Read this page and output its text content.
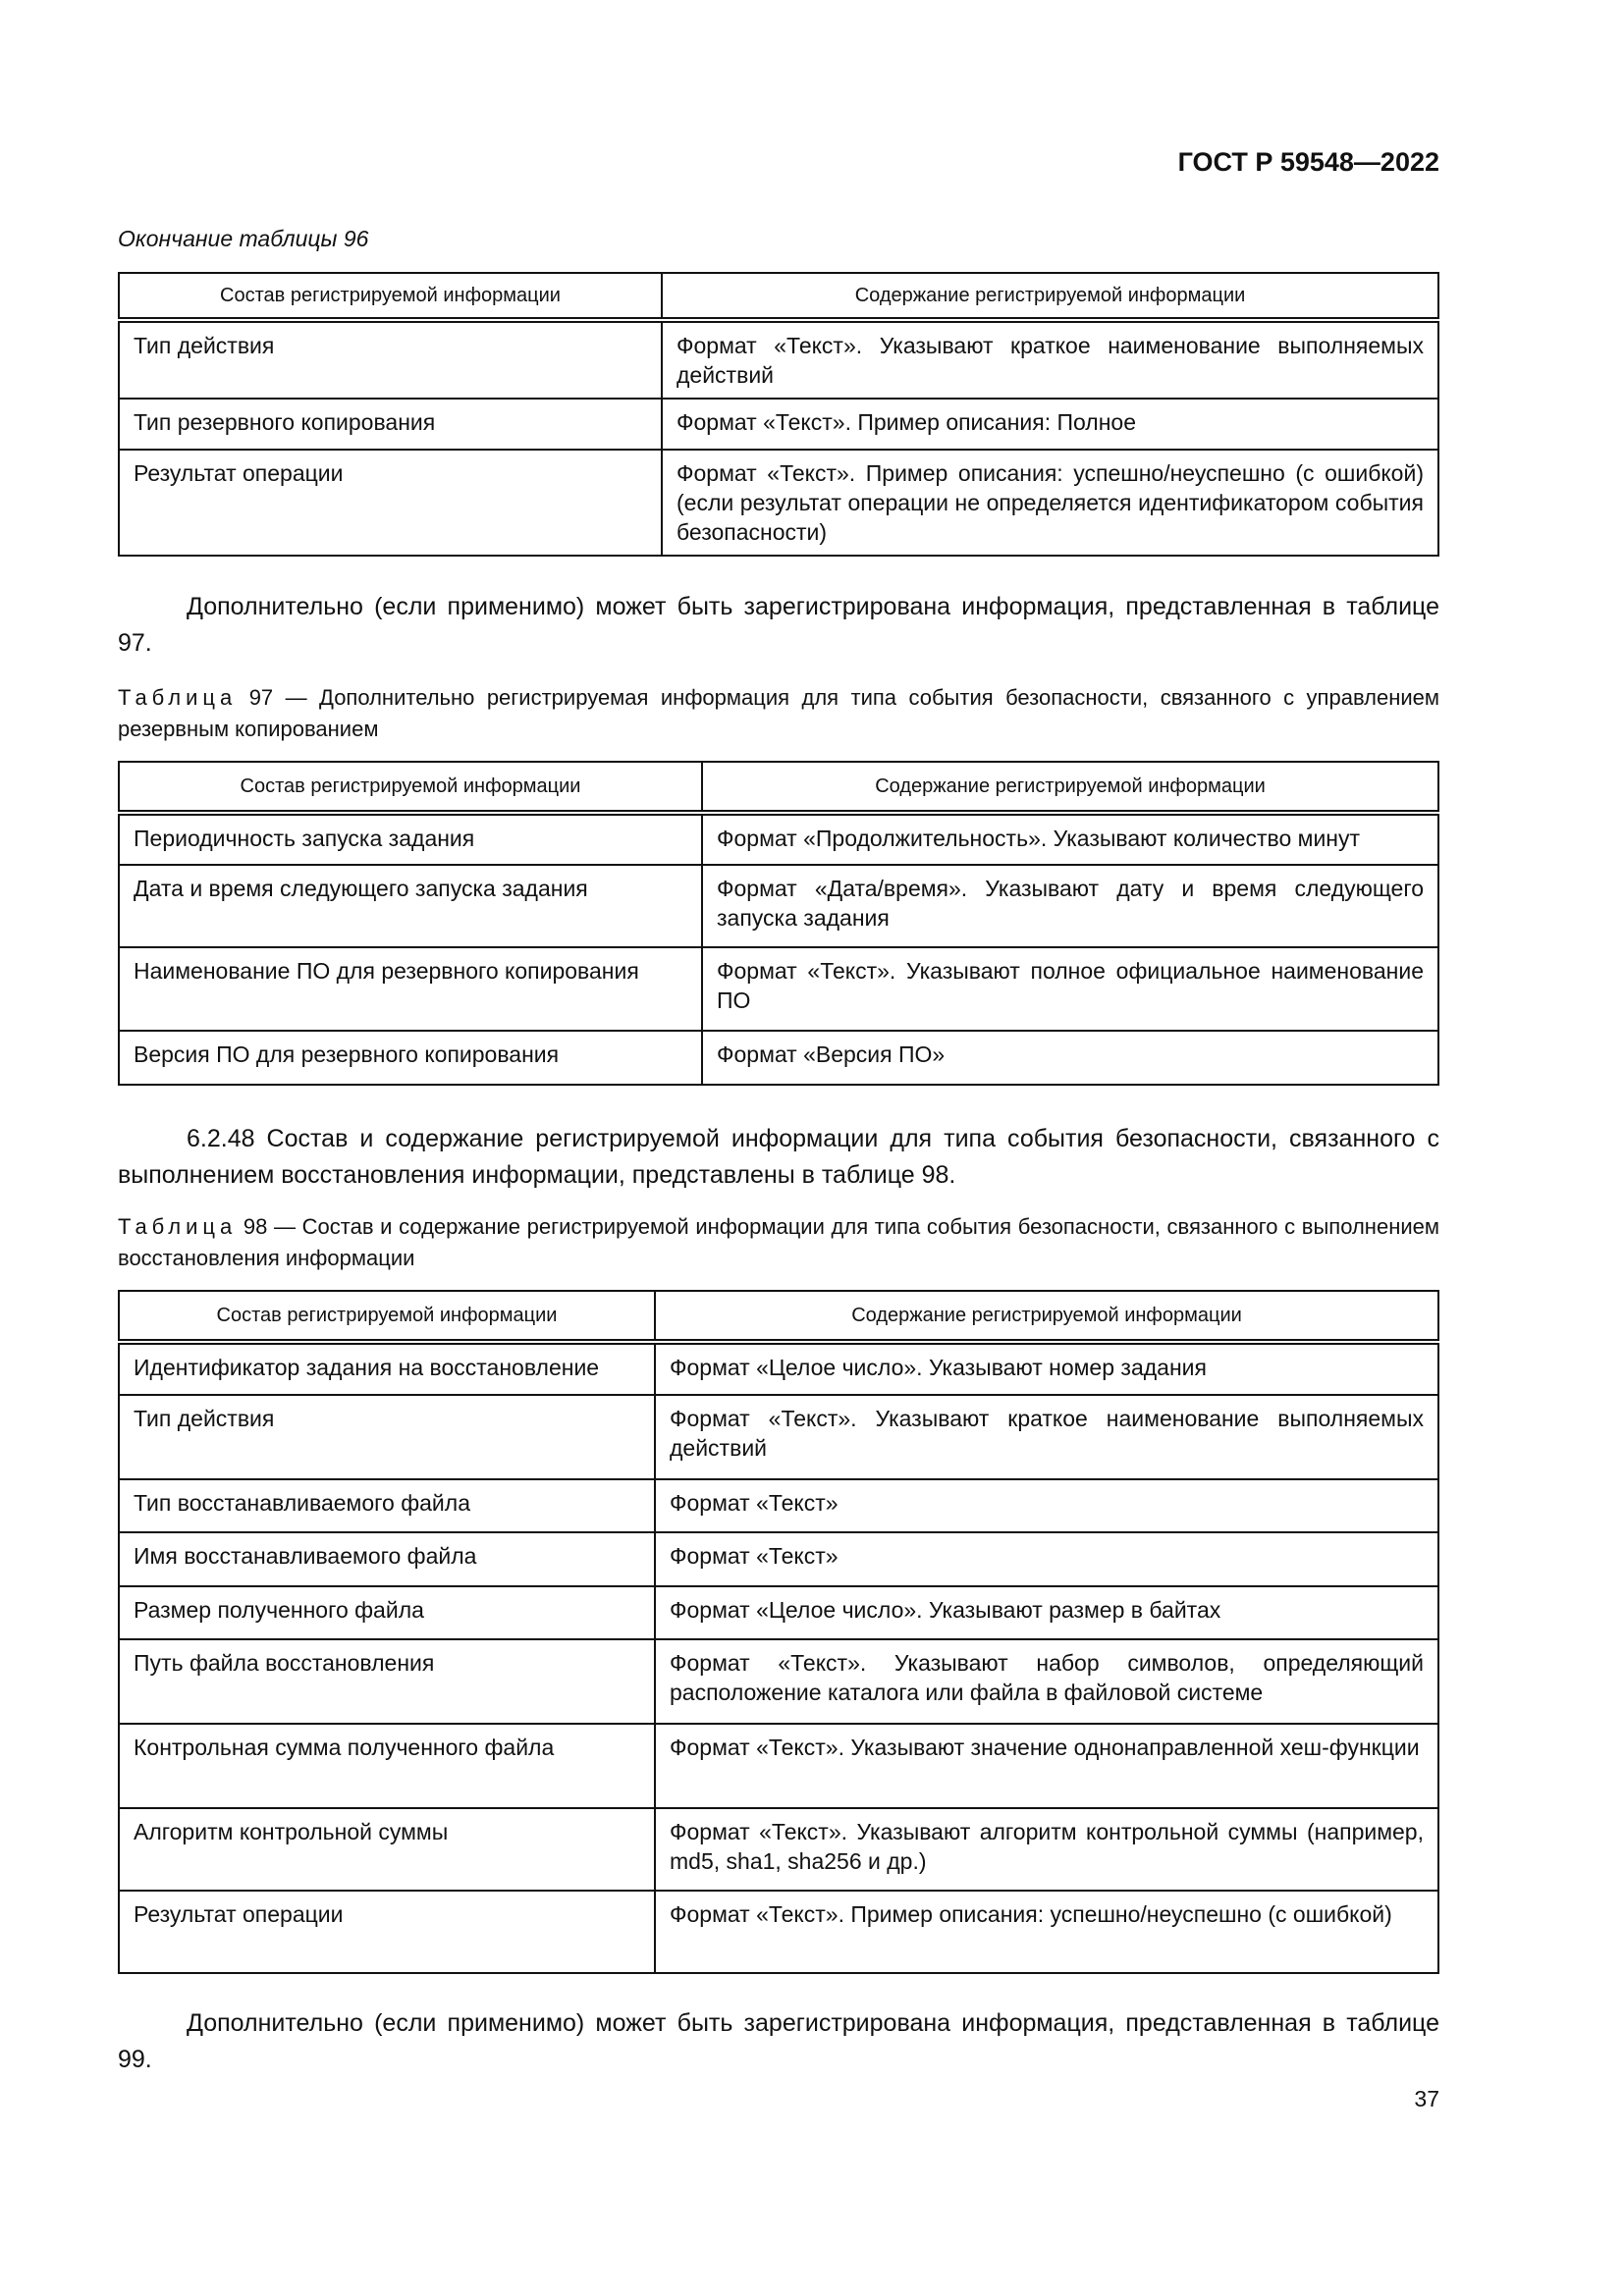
ГОСТ Р 59548—2022
Окончание таблицы 96
Состав регистрируемой информации	Содержание регистрируемой информации
Тип действия	Формат «Текст». Указывают краткое наименование выполняемых действий
Тип резервного копирования	Формат «Текст». Пример описания: Полное
Результат операции	Формат «Текст». Пример описания: успешно/неуспешно (с ошибкой) (если результат операции не определяется идентификатором события безопасности)
Дополнительно (если применимо) может быть зарегистрирована информация, представленная в таблице 97.
Таблица 97 — Дополнительно регистрируемая информация для типа события безопасности, связанного с управлением резервным копированием
Состав регистрируемой информации	Содержание регистрируемой информации
Периодичность запуска задания	Формат «Продолжительность». Указывают количество минут
Дата и время следующего запуска задания	Формат «Дата/время». Указывают дату и время следующего запуска задания
Наименование ПО для резервного копирования	Формат «Текст». Указывают полное официальное наименование ПО
Версия ПО для резервного копирования	Формат «Версия ПО»
6.2.48 Состав и содержание регистрируемой информации для типа события безопасности, связанного с выполнением восстановления информации, представлены в таблице 98.
Таблица 98 — Состав и содержание регистрируемой информации для типа события безопасности, связанного с выполнением восстановления информации
Состав регистрируемой информации	Содержание регистрируемой информации
Идентификатор задания на восстановление	Формат «Целое число». Указывают номер задания
Тип действия	Формат «Текст». Указывают краткое наименование выполняемых действий
Тип восстанавливаемого файла	Формат «Текст»
Имя восстанавливаемого файла	Формат «Текст»
Размер полученного файла	Формат «Целое число». Указывают размер в байтах
Путь файла восстановления	Формат «Текст». Указывают набор символов, определяющий расположение каталога или файла в файловой системе
Контрольная сумма полученного файла	Формат «Текст». Указывают значение однонаправленной хеш-функции
Алгоритм контрольной суммы	Формат «Текст». Указывают алгоритм контрольной суммы (например, md5, sha1, sha256 и др.)
Результат операции	Формат «Текст». Пример описания: успешно/неуспешно (с ошибкой)
Дополнительно (если применимо) может быть зарегистрирована информация, представленная в таблице 99.
37
